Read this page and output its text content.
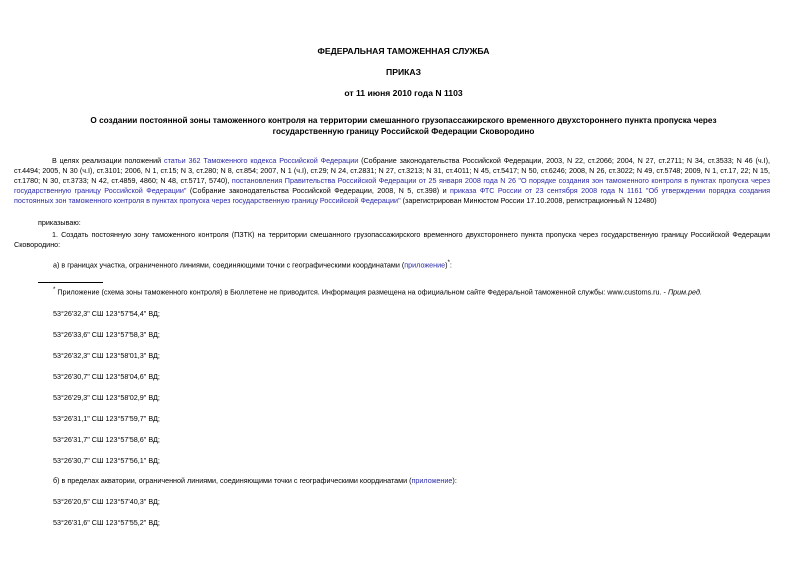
ФЕДЕРАЛЬНАЯ ТАМОЖЕННАЯ СЛУЖБА
ПРИКАЗ
от 11 июня 2010 года N 1103
О создании постоянной зоны таможенного контроля на территории смешанного грузопассажирского временного двухстороннего пункта пропуска через
государственную границу Российской Федерации Сковородино
В целях реализации положений статьи 362 Таможенного кодекса Российской Федерации (Собрание законодательства Российской Федерации, 2003, N 22, ст.2066; 2004, N 27, ст.2711; N 34, ст.3533; N 46 (ч.I), ст.4494; 2005, N 30 (ч.I), ст.3101; 2006, N 1, ст.15; N 3, ст.280; N 8, ст.854; 2007, N 1 (ч.I), ст.29; N 24, ст.2831; N 27, ст.3213; N 31, ст.4011; N 45, ст.5417; N 50, ст.6246; 2008, N 26, ст.3022; N 49, ст.5748; 2009, N 1, ст.17, 22; N 15, ст.1780; N 30, ст.3733; N 42, ст.4859, 4860; N 48, ст.5717, 5740), постановления Правительства Российской Федерации от 25 января 2008 года N 26 "О порядке создания зон таможенного контроля в пунктах пропуска через государственную границу Российской Федерации" (Собрание законодательства Российской Федерации, 2008, N 5, ст.398) и приказа ФТС России от 23 сентября 2008 года N 1161 "Об утверждении порядка создания постоянных зон таможенного контроля в пунктах пропуска через государственную границу Российской Федерации" (зарегистрирован Минюстом России 17.10.2008, регистрационный N 12480)
приказываю:
1. Создать постоянную зону таможенного контроля (ПЗТК) на территории смешанного грузопассажирского временного двухстороннего пункта пропуска через государственную границу Российской Федерации Сковородино:
а) в границах участка, ограниченного линиями, соединяющими точки с географическими координатами (приложение)*:
* Приложение (схема зоны таможенного контроля) в Бюллетене не приводится. Информация размещена на официальном сайте Федеральной таможенной службы: www.customs.ru. - Прим.ред.
53°26'32,3" СШ 123°57'54,4" ВД;
53°26'33,6" СШ 123°57'58,3" ВД;
53°26'32,3" СШ 123°58'01,3" ВД;
53°26'30,7" СШ 123°58'04,6" ВД;
53°26'29,3" СШ 123°58'02,9" ВД;
53°26'31,1" СШ 123°57'59,7" ВД;
53°26'31,7" СШ 123°57'58,6" ВД;
53°26'30,7" СШ 123°57'56,1" ВД;
б) в пределах акватории, ограниченной линиями, соединяющими точки с географическими координатами (приложение):
53°26'20,5" СШ 123°57'40,3" ВД;
53°26'31,6" СШ 123°57'55,2" ВД;
